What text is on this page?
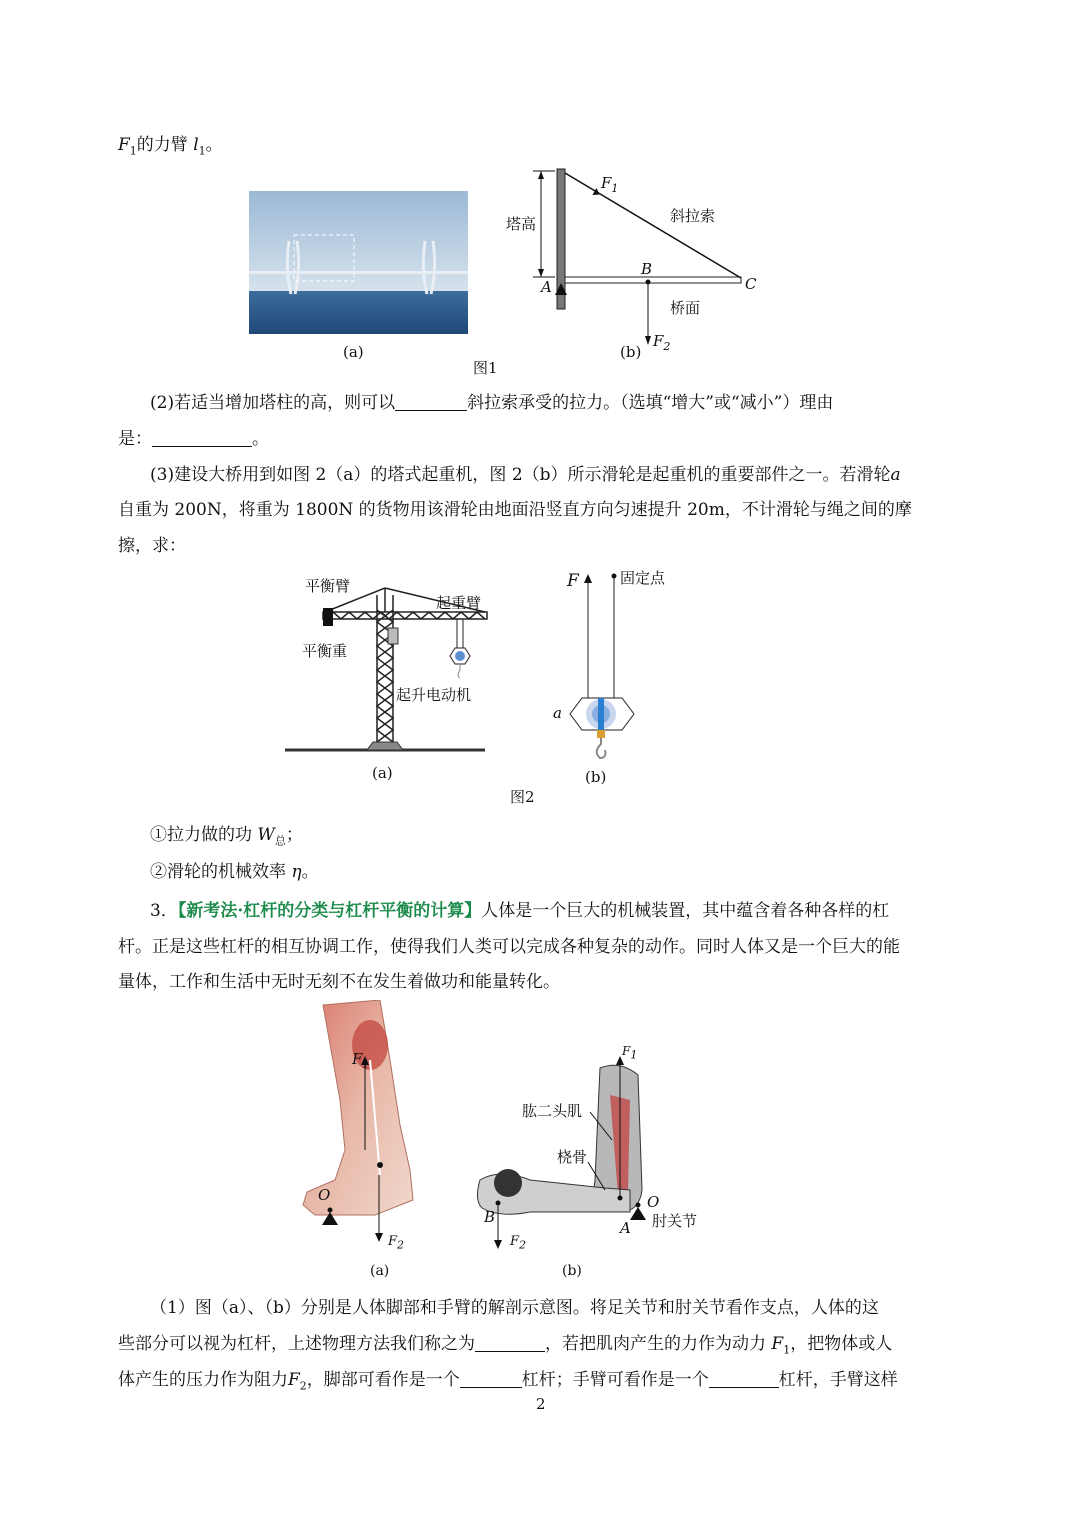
$F_1$的力臂 $l_1$。
(a)
塔高
$F_1$
斜拉索
B
A	C
桥面
$F_2$
(b)
图1
(2)若适当增加塔柱的高，则可以	斜拉索承受的拉力。（选填“增大”或“减小”）理由
是：	。
(3)建设大桥用到如图 2（a）的塔式起重机，图 2（b）所示滑轮是起重机的重要部件之一。若滑轮a
自重为 200N，将重为 1800N 的货物用该滑轮由地面沿竖直方向匀速提升 20m，不计滑轮与绳之间的摩
擦，求：
平衡臂
起重臂
平衡重
起升电动机
(a)
F	固定点
a
(b)
图2
①拉力做的功 $W_总$；
②滑轮的机械效率 η。
3．【新考法·杠杆的分类与杠杆平衡的计算】人体是一个巨大的机械装置，其中蕴含着各种各样的杠
杆。正是这些杠杆的相互协调工作，使得我们人类可以完成各种复杂的动作。同时人体又是一个巨大的能
量体，工作和生活中无时无刻不在发生着做功和能量转化。
$F_1$
O
$F_2$
(a)
$F_1$
肱二头肌
桡骨
O
肘关节
B
A
$F_2$
(b)
（1）图（a）、（b）分别是人体脚部和手臂的解剖示意图。将足关节和肘关节看作支点，人体的这
些部分可以视为杠杆，上述物理方法我们称之为	，若把肌肉产生的力作为动力 $F_1$，把物体或人
体产生的压力作为阻力$F_2$，脚部可看作是一个	杠杆；手臂可看作是一个	杠杆，手臂这样
2
